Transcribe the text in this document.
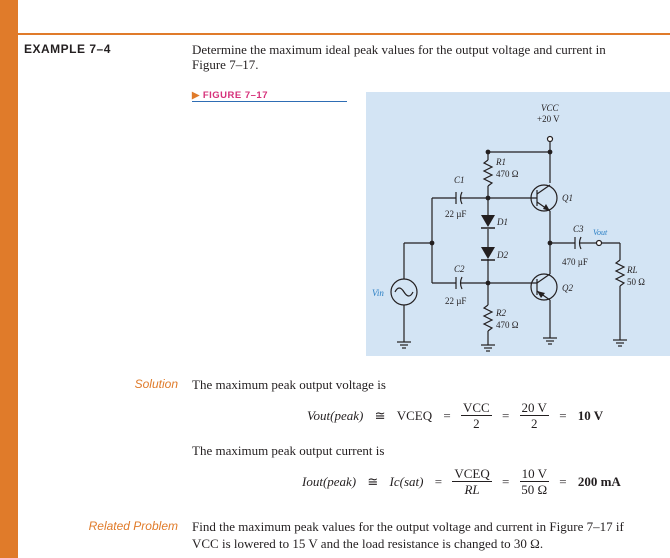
EXAMPLE 7–4	Determine the maximum ideal peak values for the output voltage and current in Figure 7–17.
▶ FIGURE 7–17
VCC
+20 V
R1
470 Ω
C1
22 µF
D1
D2
C2
22 µF
R2
470 Ω
Q1
Q2
C3
470 µF
RL
50 Ω
Vout
Vin
Solution The maximum peak output voltage is
Vout(peak) ≅ VCEQ = $\frac{\text{VCC}}{2} = \frac{20 V}{2} = 10$ V
The maximum peak output current is
Iout(peak) ≅ $Ic(sat) = \frac{\text{VCEQ}}{RL} = \frac{10 V}{50 \Omega} = 200$ mA
Related Problem Find the maximum peak values for the output voltage and current in Figure 7–17 if
VCC is lowered to 15 V and the load resistance is changed to 30 Ω.
